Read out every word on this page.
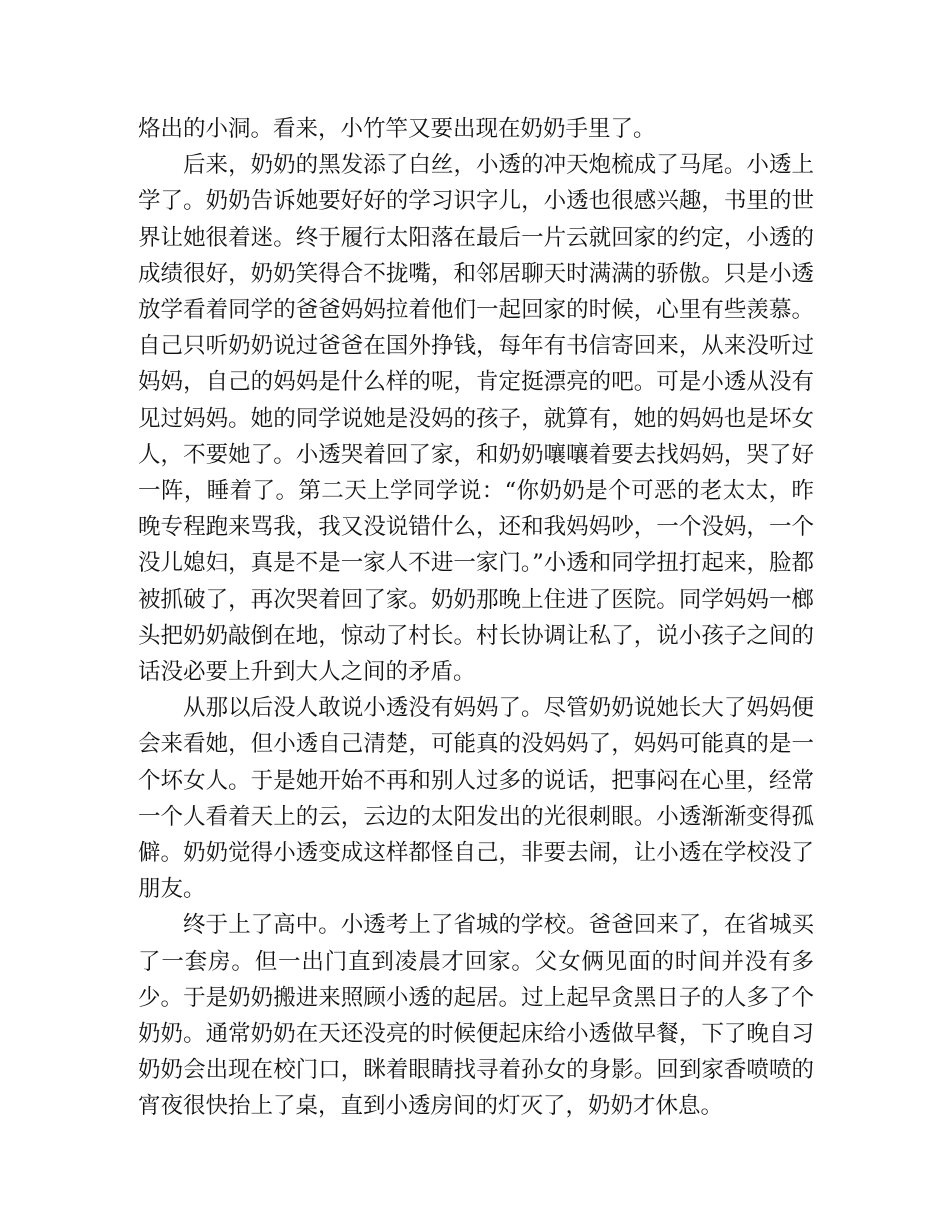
烙出的小洞。看来，小竹竿又要出现在奶奶手里了。

后来，奶奶的黑发添了白丝，小透的冲天炮梳成了马尾。小透上学了。奶奶告诉她要好好的学习识字儿，小透也很感兴趣，书里的世界让她很着迷。终于履行太阳落在最后一片云就回家的约定，小透的成绩很好，奶奶笑得合不拢嘴，和邻居聊天时满满的骄傲。只是小透放学看着同学的爸爸妈妈拉着他们一起回家的时候，心里有些羡慕。自己只听奶奶说过爸爸在国外挣钱，每年有书信寄回来，从来没听过妈妈，自己的妈妈是什么样的呢，肯定挺漂亮的吧。可是小透从没有见过妈妈。她的同学说她是没妈的孩子，就算有，她的妈妈也是坏女人，不要她了。小透哭着回了家，和奶奶嚷嚷着要去找妈妈，哭了好一阵，睡着了。第二天上学同学说：“你奶奶是个可恶的老太太，昨晚专程跑来骂我，我又没说错什么，还和我妈妈吵，一个没妈，一个没儿媳妇，真是不是一家人不进一家门。”小透和同学扭打起来，脸都被抓破了，再次哭着回了家。奶奶那晚上住进了医院。同学妈妈一榔头把奶奶敲倒在地，惊动了村长。村长协调让私了，说小孩子之间的话没必要上升到大人之间的矛盾。

从那以后没人敢说小透没有妈妈了。尽管奶奶说她长大了妈妈便会来看她，但小透自己清楚，可能真的没妈妈了，妈妈可能真的是一个坏女人。于是她开始不再和别人过多的说话，把事闷在心里，经常一个人看着天上的云，云边的太阳发出的光很刺眼。小透渐渐变得孤僻。奶奶觉得小透变成这样都怪自己，非要去闹，让小透在学校没了朋友。

终于上了高中。小透考上了省城的学校。爸爸回来了，在省城买了一套房。但一出门直到凌晨才回家。父女俩见面的时间并没有多少。于是奶奶搬进来照顾小透的起居。过上起早贪黑日子的人多了个奶奶。通常奶奶在天还没亮的时候便起床给小透做早餐，下了晚自习奶奶会出现在校门口，眯着眼睛找寻着孙女的身影。回到家香喷喷的宵夜很快抬上了桌，直到小透房间的灯灭了，奶奶才休息。
